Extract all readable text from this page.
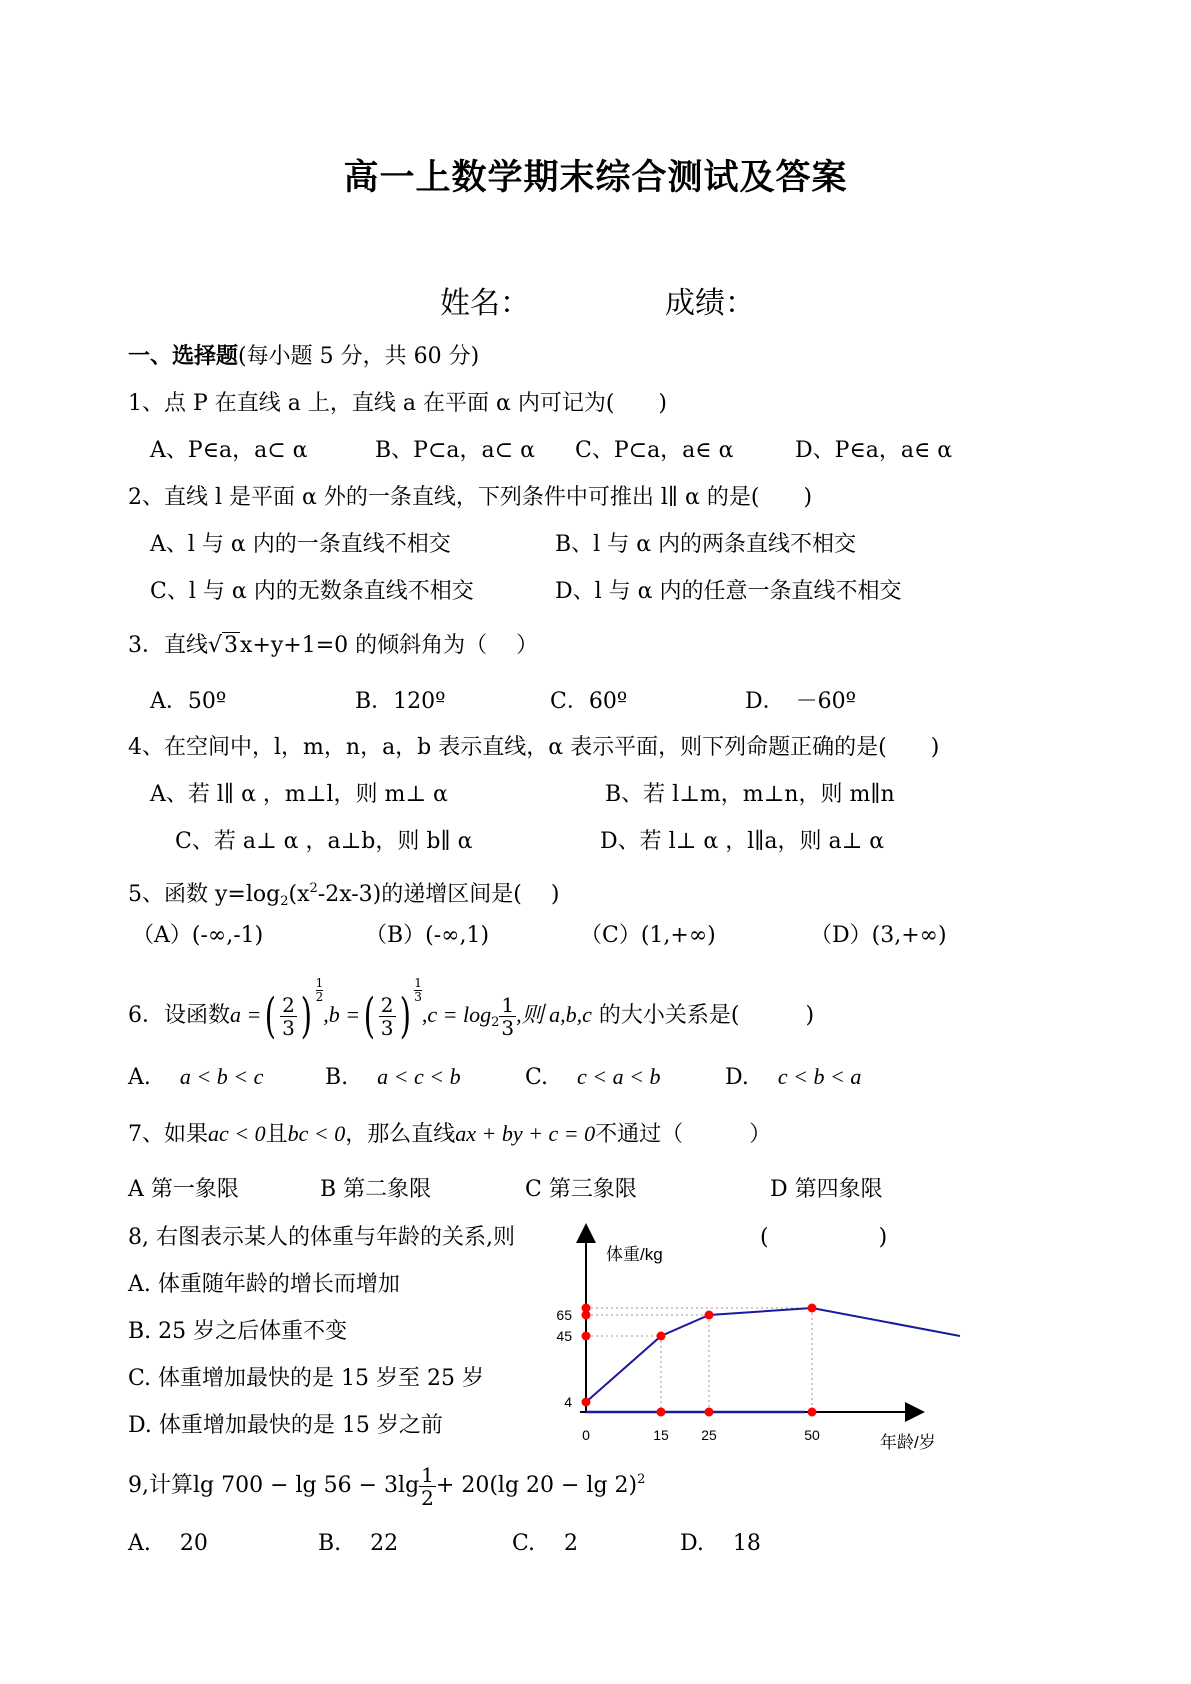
高一上数学期末综合测试及答案
姓名：	成绩：
一、选择题(每小题 5 分，共 60 分)
1、点 P 在直线 a 上，直线 a 在平面 α 内可记为(　　)
A、P∈a，a⊂ α	B、P⊂a，a⊂ α C、P⊂a，a∈ α	D、P∈a，a∈ α
2、直线 l 是平面 α 外的一条直线，下列条件中可推出 l∥ α 的是(　　)
A、l 与 α 内的一条直线不相交	B、l 与 α 内的两条直线不相交
C、l 与 α 内的无数条直线不相交	D、l 与 α 内的任意一条直线不相交
3．直线√3x+y+1=0 的倾斜角为（　 ）
A．50º	B．120º	C．60º	D．　－60º
4、在空间中，l，m，n，a，b 表示直线，α 表示平面，则下列命题正确的是(　　)
A、若 l∥ α ，m⊥l，则 m⊥ α	B、若 l⊥m，m⊥n，则 m∥n
C、若 a⊥ α ，a⊥b，则 b∥ α	D、若 l⊥ α ，l∥a，则 a⊥ α
5、函数 $y=\log_2(x^2-2x-3)$的递增区间是(　 )
（A）(-∞,-1)	（B）(-∞,1)	（C）(1,+∞)	（D）(3,+∞)
6．设函数a =( $\frac{2}{3}$ ) $\frac{1}{2},b$ =( $\frac{2}{3}$ ) $\frac{1}{3},c = \log_2 \frac{1}{3}$ ,则 a,b,c 的大小关系是(　　　)
A.　 a < b < c	B.　 a < c < b	C.　 c < a < b	D.　 c < b < a
7、如果ac < 0且bc < 0，那么直线ax + by + c = 0不通过（　　　）
A 第一象限	B 第二象限	C 第三象限	D 第四象限
8, 右图表示某人的体重与年龄的关系,则	(　　　　　)
A. 体重随年龄的增长而增加
B. 25 岁之后体重不变
C. 体重增加最快的是 15 岁至 25 岁
D. 体重增加最快的是 15 岁之前	0	15 25	50
4
45
65
体重/kg
年龄/岁
9,计算$\lg 700 - \lg 56 - 3\lg \frac{1}{2} + 20(\lg$ 20 − lg 2)$^2$
A.　 20	B.　 22	C.　 2	D.　 18
